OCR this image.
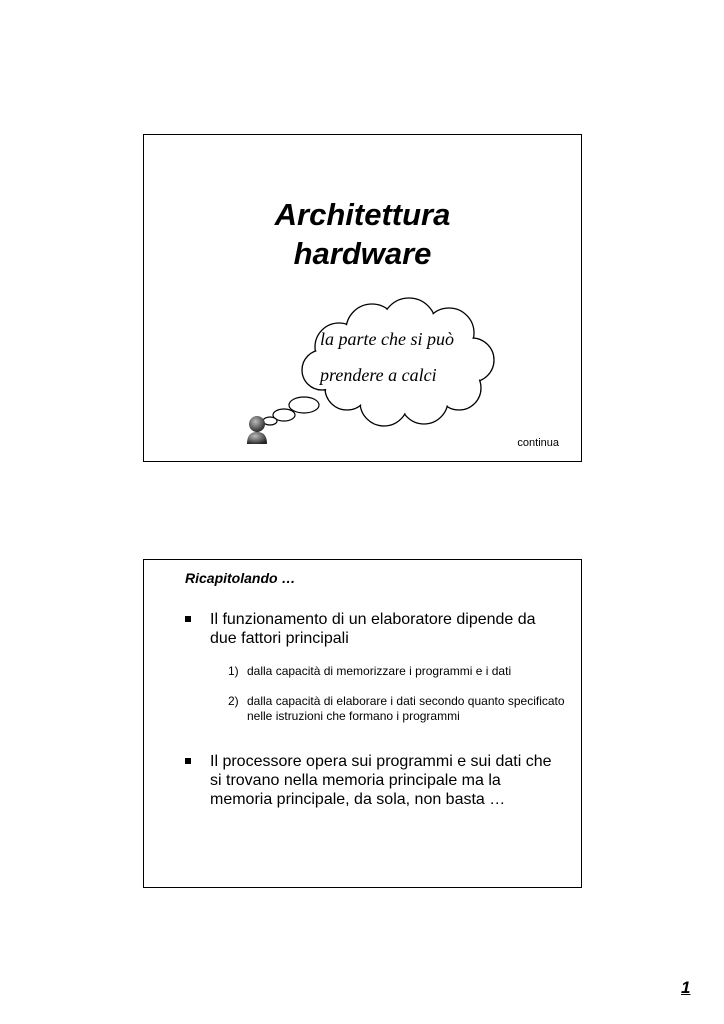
Architettura
hardware
la parte che si può
prendere a calci
continua
Ricapitolando …
Il funzionamento di un elaboratore dipende da due fattori principali
1) dalla capacità di memorizzare i programmi e i dati
2) dalla capacità di elaborare i dati secondo quanto specificato nelle istruzioni che formano i programmi
Il processore opera sui programmi e sui dati che si trovano nella memoria principale ma la memoria principale, da sola, non basta …
1
